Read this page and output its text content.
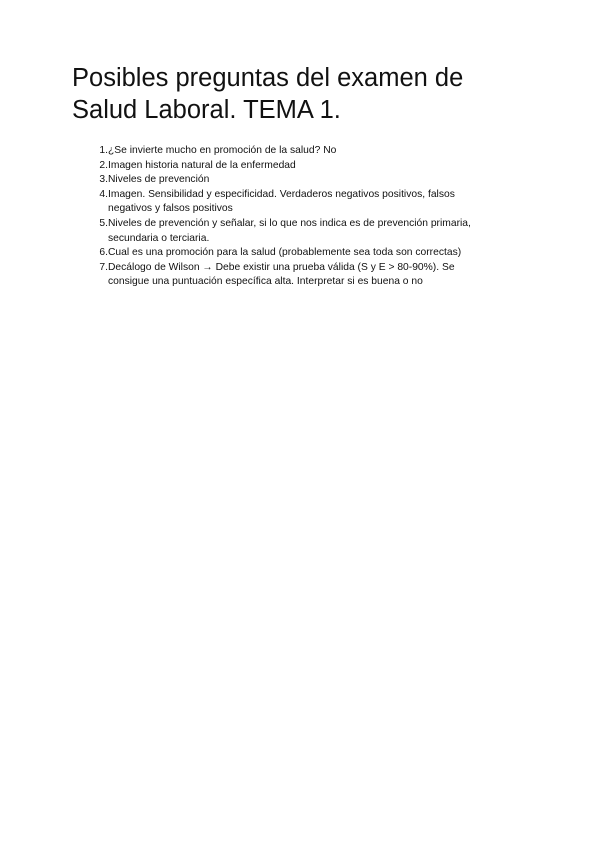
Posibles preguntas del examen de
Salud Laboral. TEMA 1.
1. ¿Se invierte mucho en promoción de la salud? No
2. Imagen historia natural de la enfermedad
3. Niveles de prevención
4. Imagen. Sensibilidad y especificidad. Verdaderos negativos positivos, falsos
negativos y falsos positivos
5. Niveles de prevención y señalar, si lo que nos indica es de prevención primaria,
secundaria o terciaria.
6. Cual es una promoción para la salud (probablemente sea toda son correctas)
7. Decálogo de Wilson → Debe existir una prueba válida (S y E > 80-90%). Se
consigue una puntuación específica alta. Interpretar si es buena o no
